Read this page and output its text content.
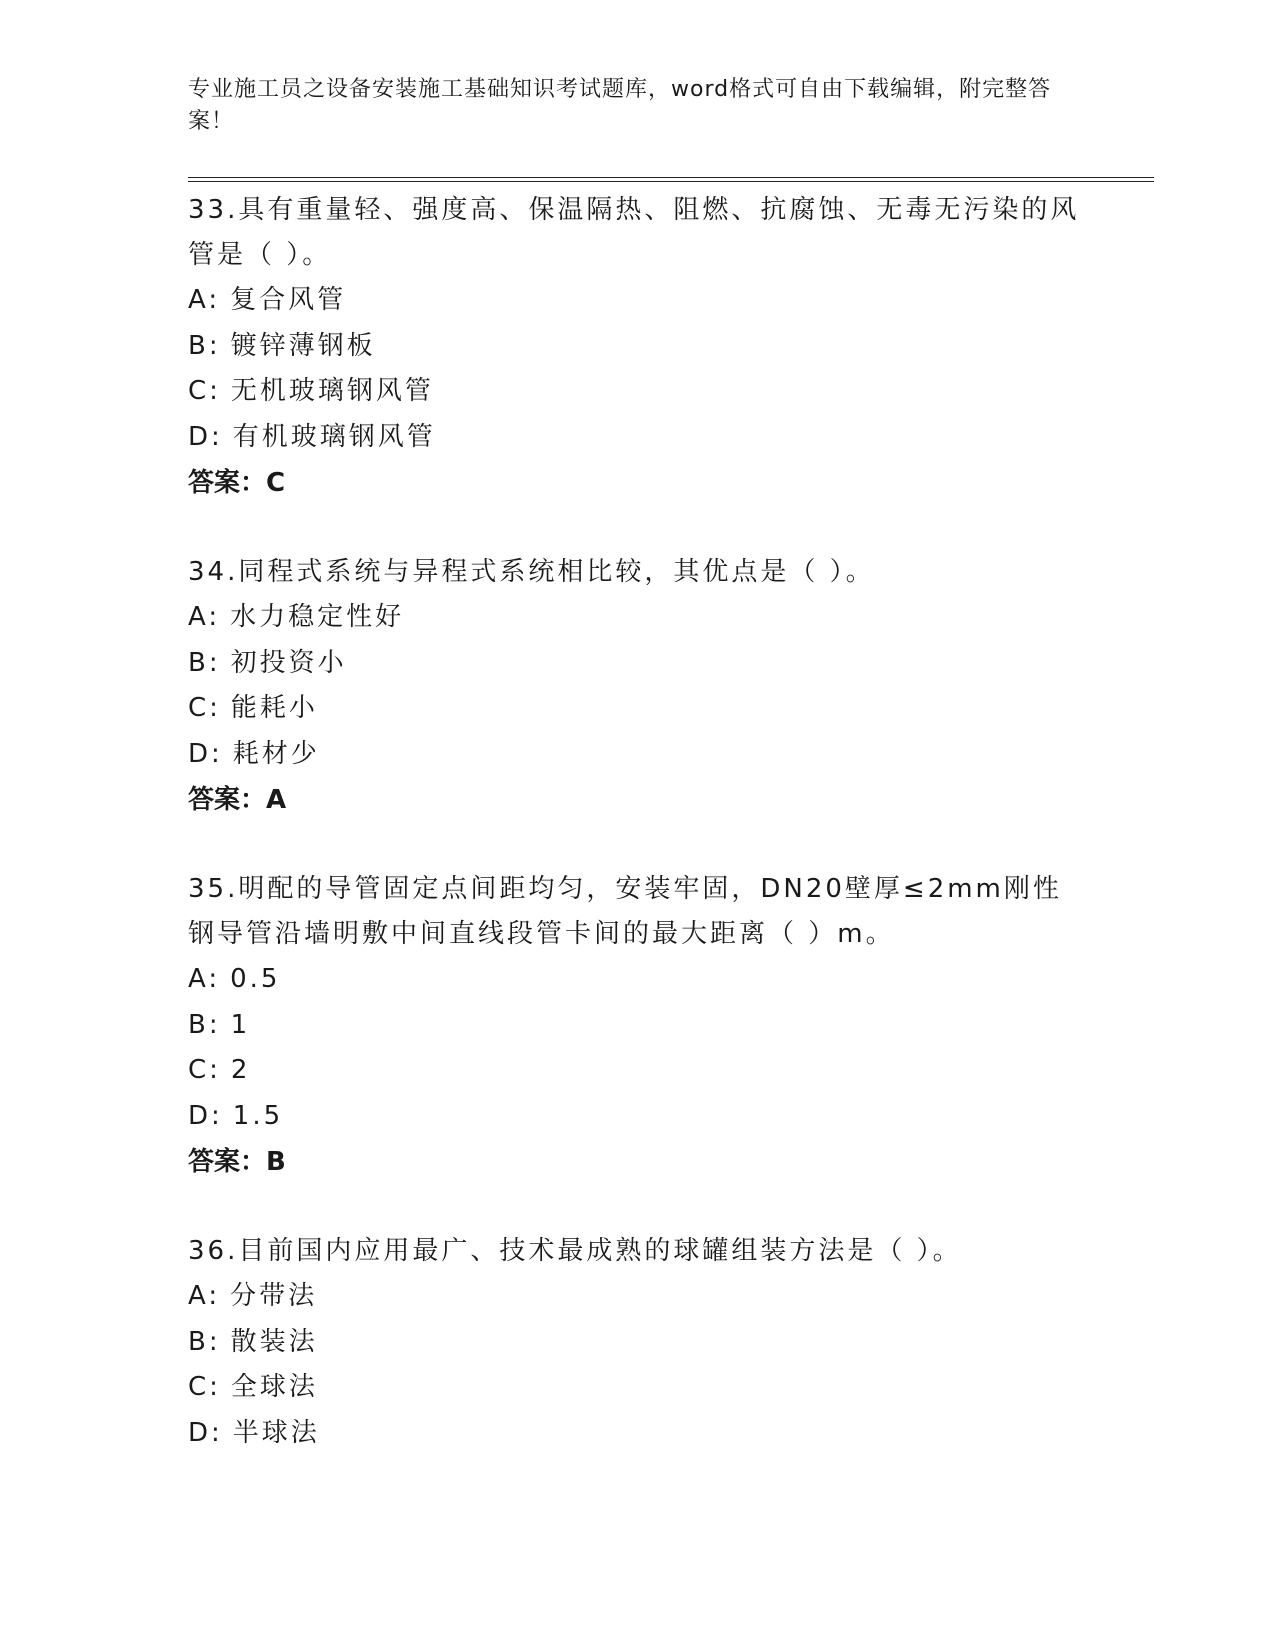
专业施工员之设备安装施工基础知识考试题库，word格式可自由下载编辑，附完整答案！
33.具有重量轻、强度高、保温隔热、阻燃、抗腐蚀、无毒无污染的风管是（ ）。
A: 复合风管
B: 镀锌薄钢板
C: 无机玻璃钢风管
D: 有机玻璃钢风管
答案：C
34.同程式系统与异程式系统相比较，其优点是（ ）。
A: 水力稳定性好
B: 初投资小
C: 能耗小
D: 耗材少
答案：A
35.明配的导管固定点间距均匀，安装牢固，DN20壁厚≤2mm刚性钢导管沿墙明敷中间直线段管卡间的最大距离（ ）m。
A: 0.5
B: 1
C: 2
D: 1.5
答案：B
36.目前国内应用最广、技术最成熟的球罐组装方法是（ ）。
A: 分带法
B: 散装法
C: 全球法
D: 半球法
